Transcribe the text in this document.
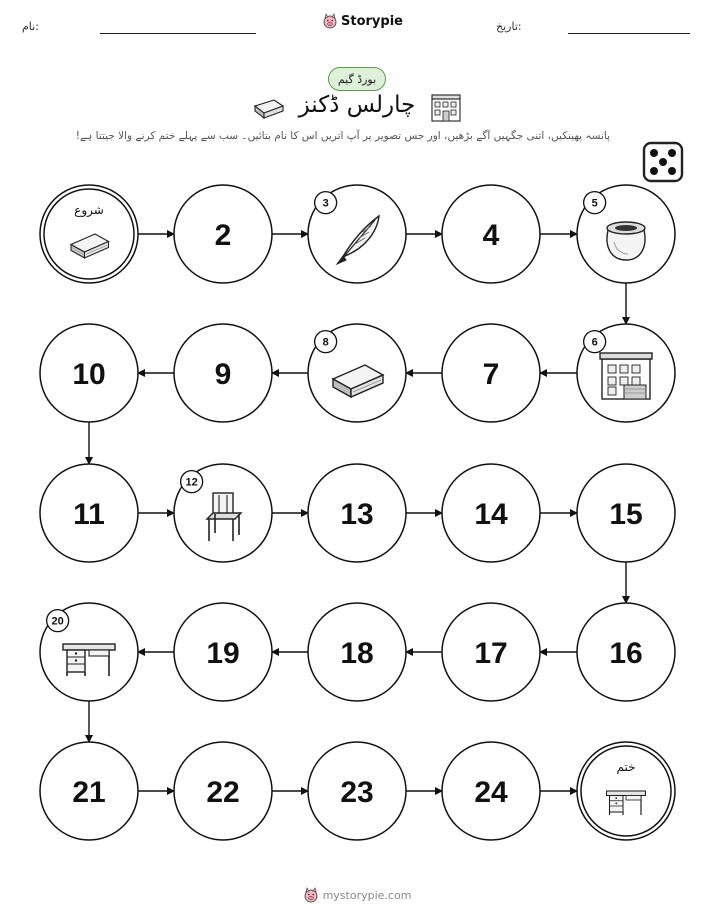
نام:	Storypie	تاریخ:
بورڈ گیم
چارلس ڈکنز
پانسہ پھینکیں، اتنی جگہیں آگے بڑھیں، اور جس تصویر پر آپ اتریں اس کا نام بتائیں۔ سب سے پہلے ختم کرنے والا جیتتا ہے!
شروع
2
3
4
5
6
7
8
9
10
11
12
13	14	15
16
17
18
19
20
21	22	23	24
ختم
mystorypie.com
